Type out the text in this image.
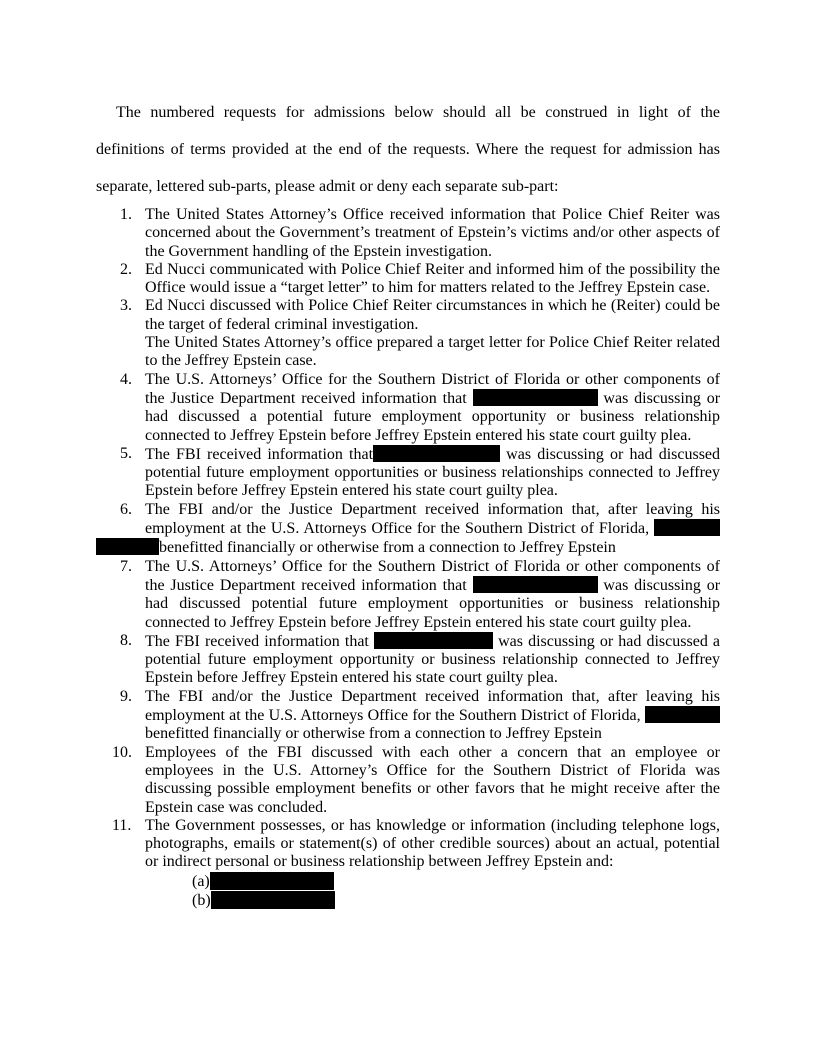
The numbered requests for admissions below should all be construed in light of the definitions of terms provided at the end of the requests. Where the request for admission has separate, lettered sub-parts, please admit or deny each separate sub-part:

1. The United States Attorney’s Office received information that Police Chief Reiter was concerned about the Government’s treatment of Epstein’s victims and/or other aspects of the Government handling of the Epstein investigation.
2. Ed Nucci communicated with Police Chief Reiter and informed him of the possibility the Office would issue a “target letter” to him for matters related to the Jeffrey Epstein case.
3. Ed Nucci discussed with Police Chief Reiter circumstances in which he (Reiter) could be the target of federal criminal investigation.
The United States Attorney’s office prepared a target letter for Police Chief Reiter related to the Jeffrey Epstein case.
4. The U.S. Attorneys’ Office for the Southern District of Florida or other components of the Justice Department received information that	was discussing or had discussed a potential future employment opportunity or business relationship connected to Jeffrey Epstein before Jeffrey Epstein entered his state court guilty plea.
5. The FBI received information that	was discussing or had discussed potential future employment opportunities or business relationships connected to Jeffrey Epstein before Jeffrey Epstein entered his state court guilty plea.
6. The FBI and/or the Justice Department received information that, after leaving his employment at the U.S. Attorneys Office for the Southern District of Florida,  benefitted financially or otherwise from a connection to Jeffrey Epstein
7. The U.S. Attorneys’ Office for the Southern District of Florida or other components of the Justice Department received information that	was discussing or had discussed potential future employment opportunities or business relationship connected to Jeffrey Epstein before Jeffrey Epstein entered his state court guilty plea.
8. The FBI received information that	was discussing or had discussed a potential future employment opportunity or business relationship connected to Jeffrey Epstein before Jeffrey Epstein entered his state court guilty plea.
9. The FBI and/or the Justice Department received information that, after leaving his employment at the U.S. Attorneys Office for the Southern District of Florida,  benefitted financially or otherwise from a connection to Jeffrey Epstein
10. Employees of the FBI discussed with each other a concern that an employee or employees in the U.S. Attorney’s Office for the Southern District of Florida was discussing possible employment benefits or other favors that he might receive after the Epstein case was concluded.
11. The Government possesses, or has knowledge or information (including telephone logs, photographs, emails or statement(s) of other credible sources) about an actual, potential or indirect personal or business relationship between Jeffrey Epstein and:
(a)
(b)
